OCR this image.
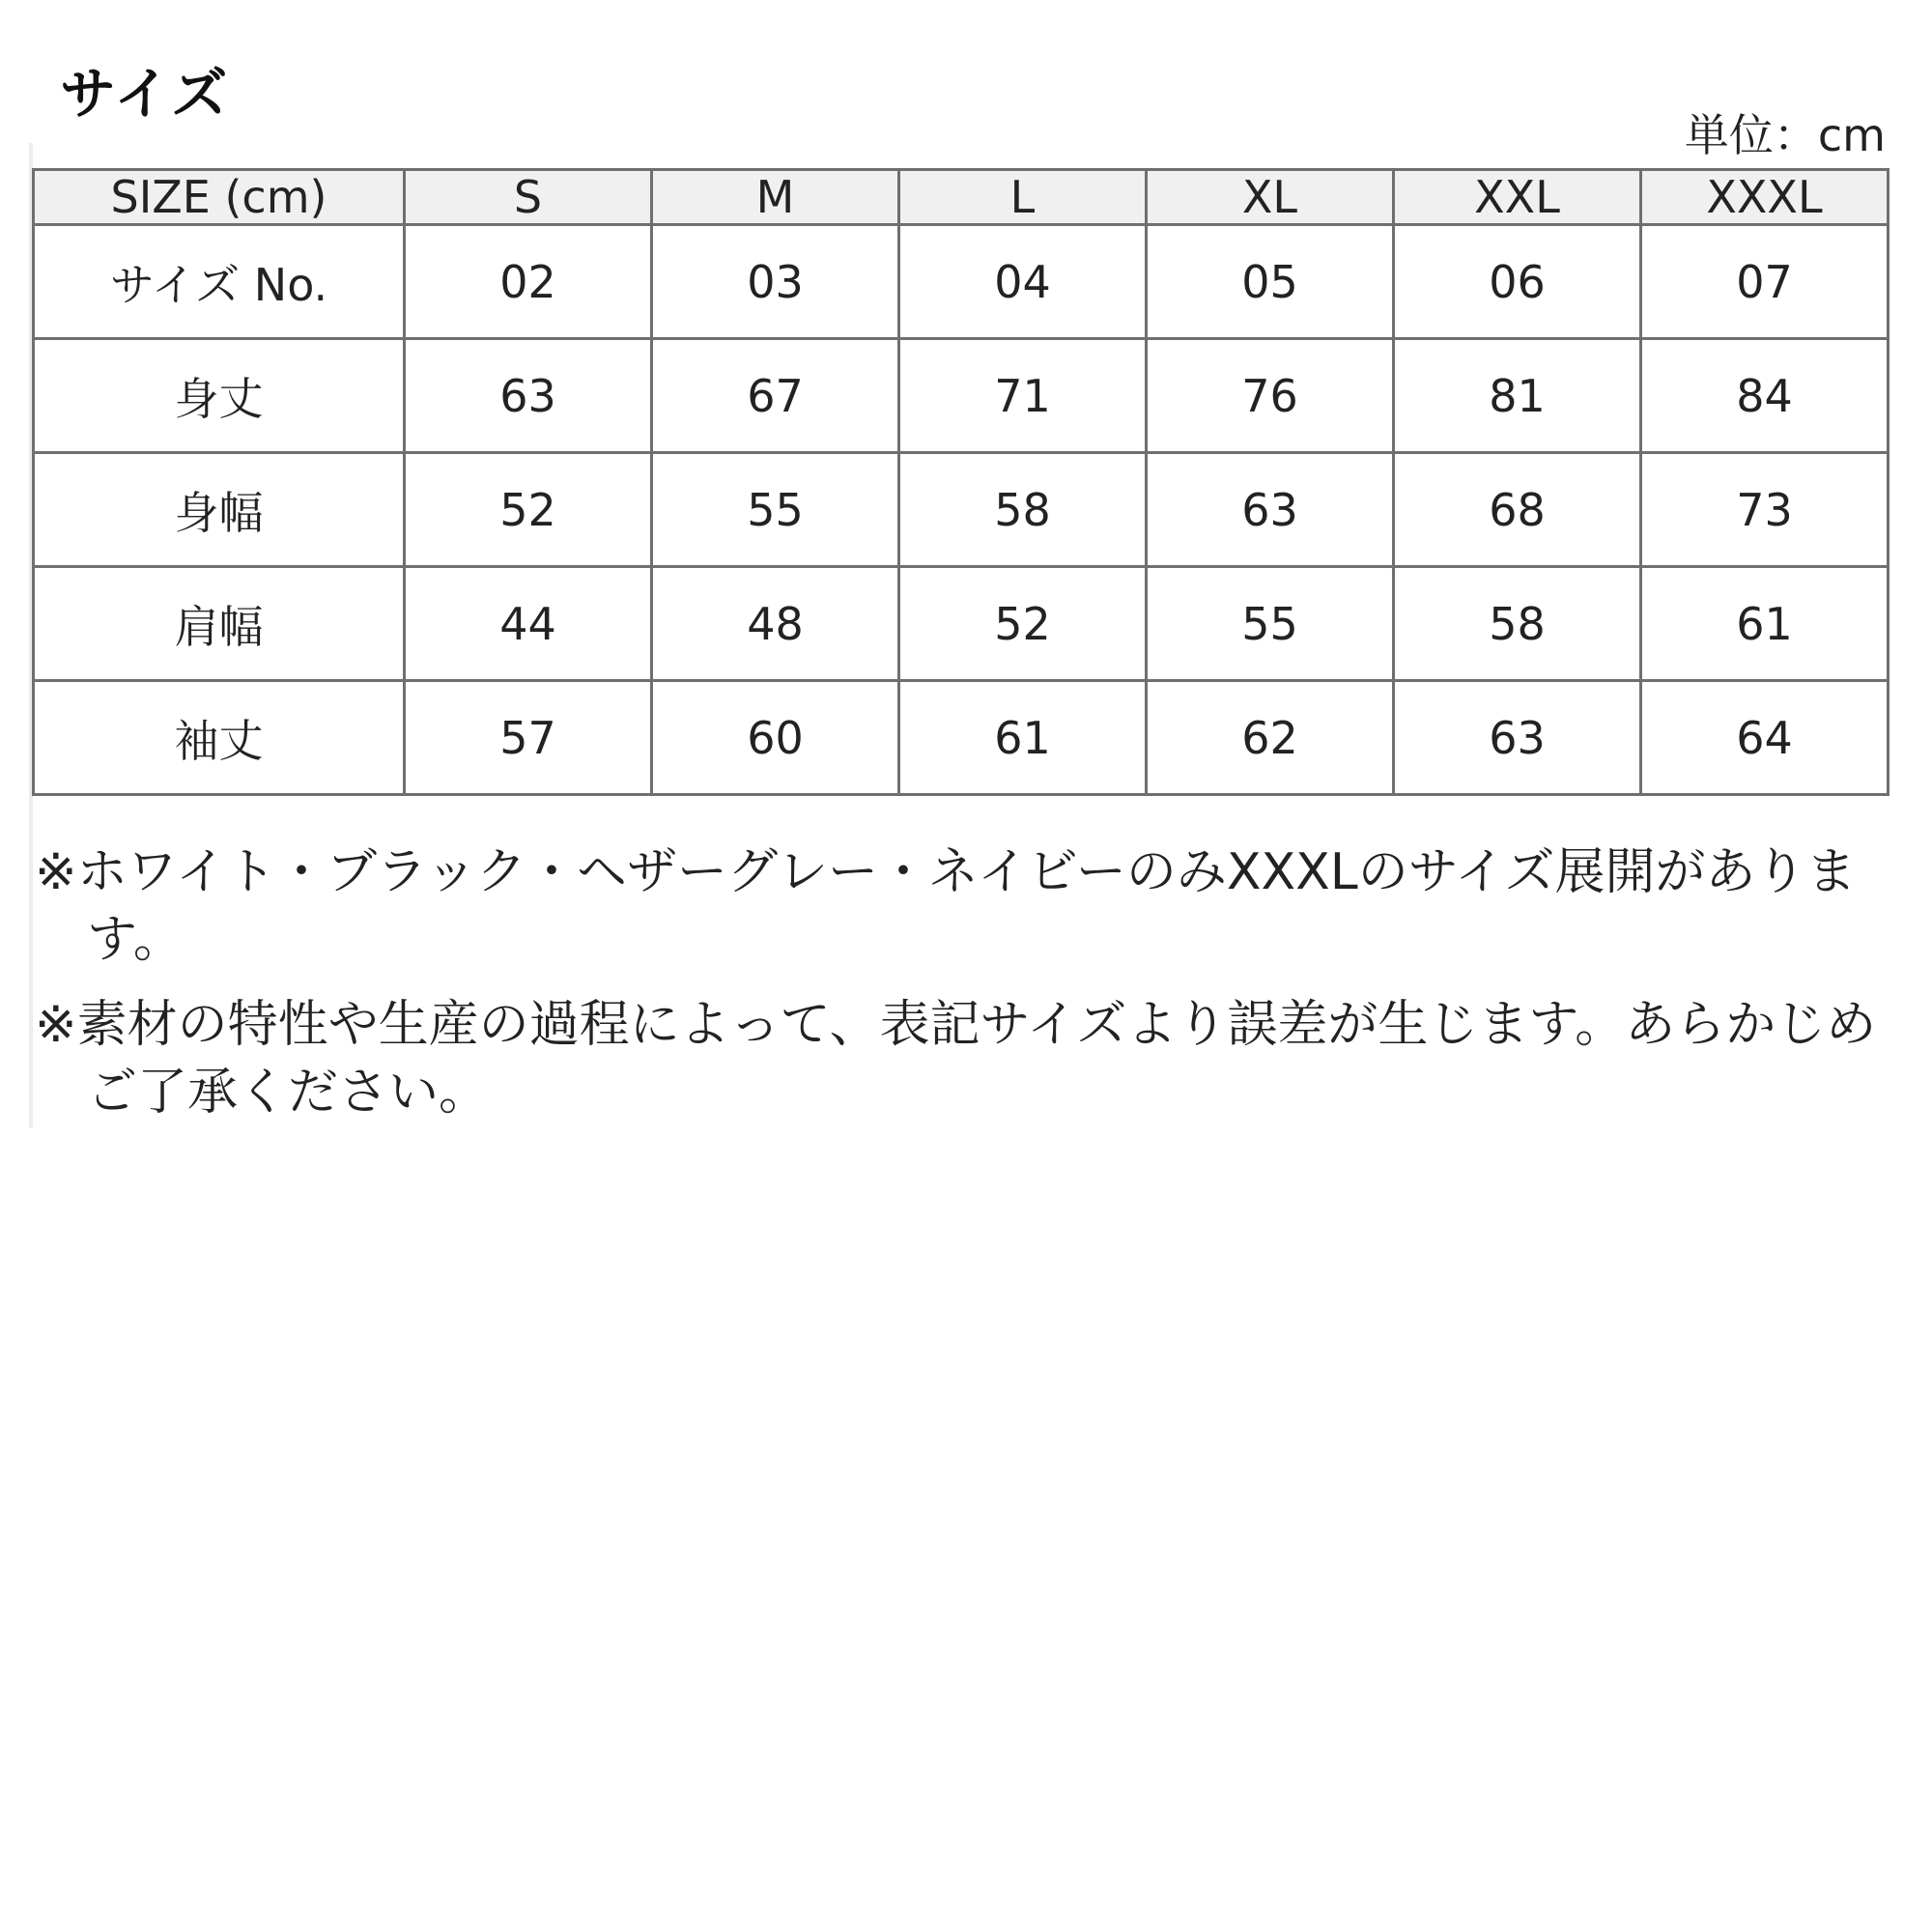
サイズ
単位：cm
SIZE (cm)	S	M	L	XL	XXL	XXXL
サイズ No.	02	03	04	05	06	07
身丈	63	67	71	76	81	84
身幅	52	55	58	63	68	73
肩幅	44	48	52	55	58	61
袖丈	57	60	61	62	63	64

※ホワイト・ブラック・ヘザーグレー・ネイビーのみXXXLのサイズ展開があります。

※素材の特性や生産の過程によって、表記サイズより誤差が生じます。あらかじめご了承ください。
